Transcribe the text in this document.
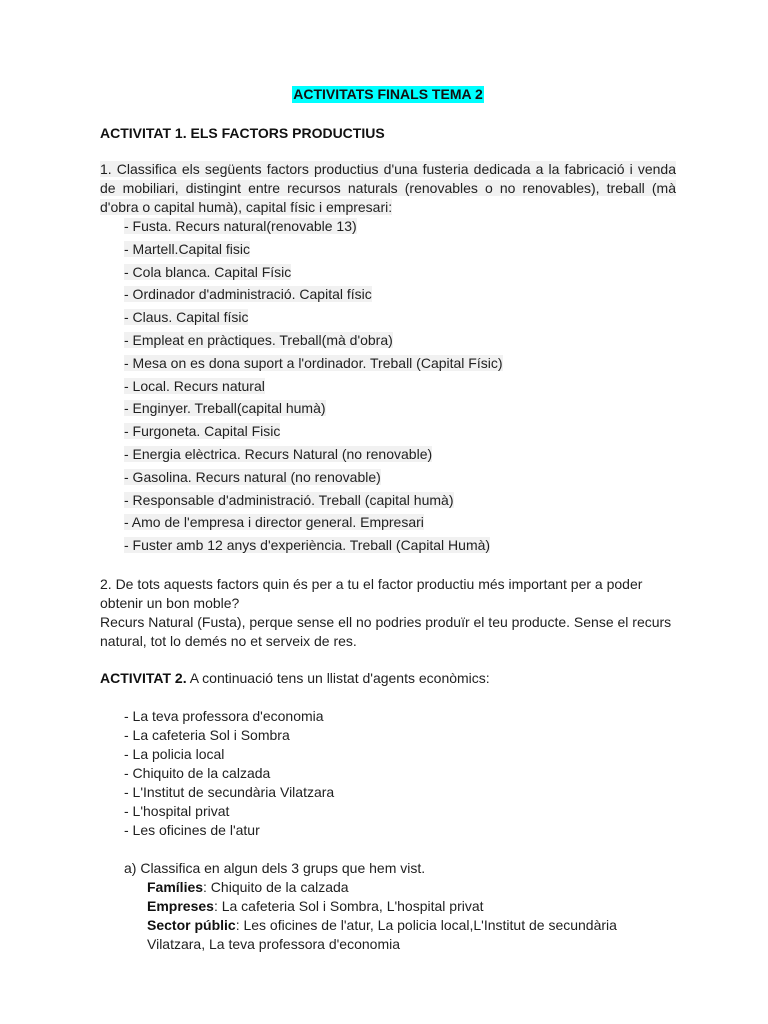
ACTIVITATS FINALS TEMA 2
ACTIVITAT 1. ELS FACTORS PRODUCTIUS
1. Classifica els següents factors productius d'una fusteria dedicada a la fabricació i venda de mobiliari, distingint entre recursos naturals (renovables o no renovables), treball (mà d'obra o capital humà), capital físic i empresari:
- Fusta. Recurs natural(renovable 13)
- Martell.Capital fisic
- Cola blanca. Capital Físic
- Ordinador d'administració. Capital físic
- Claus. Capital físic
- Empleat en pràctiques. Treball(mà d'obra)
- Mesa on es dona suport a l'ordinador. Treball (Capital Físic)
- Local. Recurs natural
- Enginyer. Treball(capital humà)
- Furgoneta. Capital Fisic
- Energia elèctrica. Recurs Natural (no renovable)
- Gasolina. Recurs natural (no renovable)
- Responsable d'administració. Treball (capital humà)
- Amo de l'empresa i director general. Empresari
- Fuster amb 12 anys d'experiència. Treball (Capital Humà)

2. De tots aquests factors quin és per a tu el factor productiu més important per a poder obtenir un bon moble?

Recurs Natural (Fusta), perque sense ell no podries produïr el teu producte. Sense el recurs natural, tot lo demés no et serveix de res.

ACTIVITAT 2. A continuació tens un llistat d'agents econòmics:
- La teva professora d'economia
- La cafeteria Sol i Sombra
- La policia local
- Chiquito de la calzada
- L'Institut de secundària Vilatzara
- L'hospital privat
- Les oficines de l'atur
a) Classifica en algun dels 3 grups que hem vist.

Famílies: Chiquito de la calzada

Empreses: La cafeteria Sol i Sombra, L'hospital privat

Sector públic: Les oficines de l'atur, La policia local,L'Institut de secundària Vilatzara, La teva professora d'economia
